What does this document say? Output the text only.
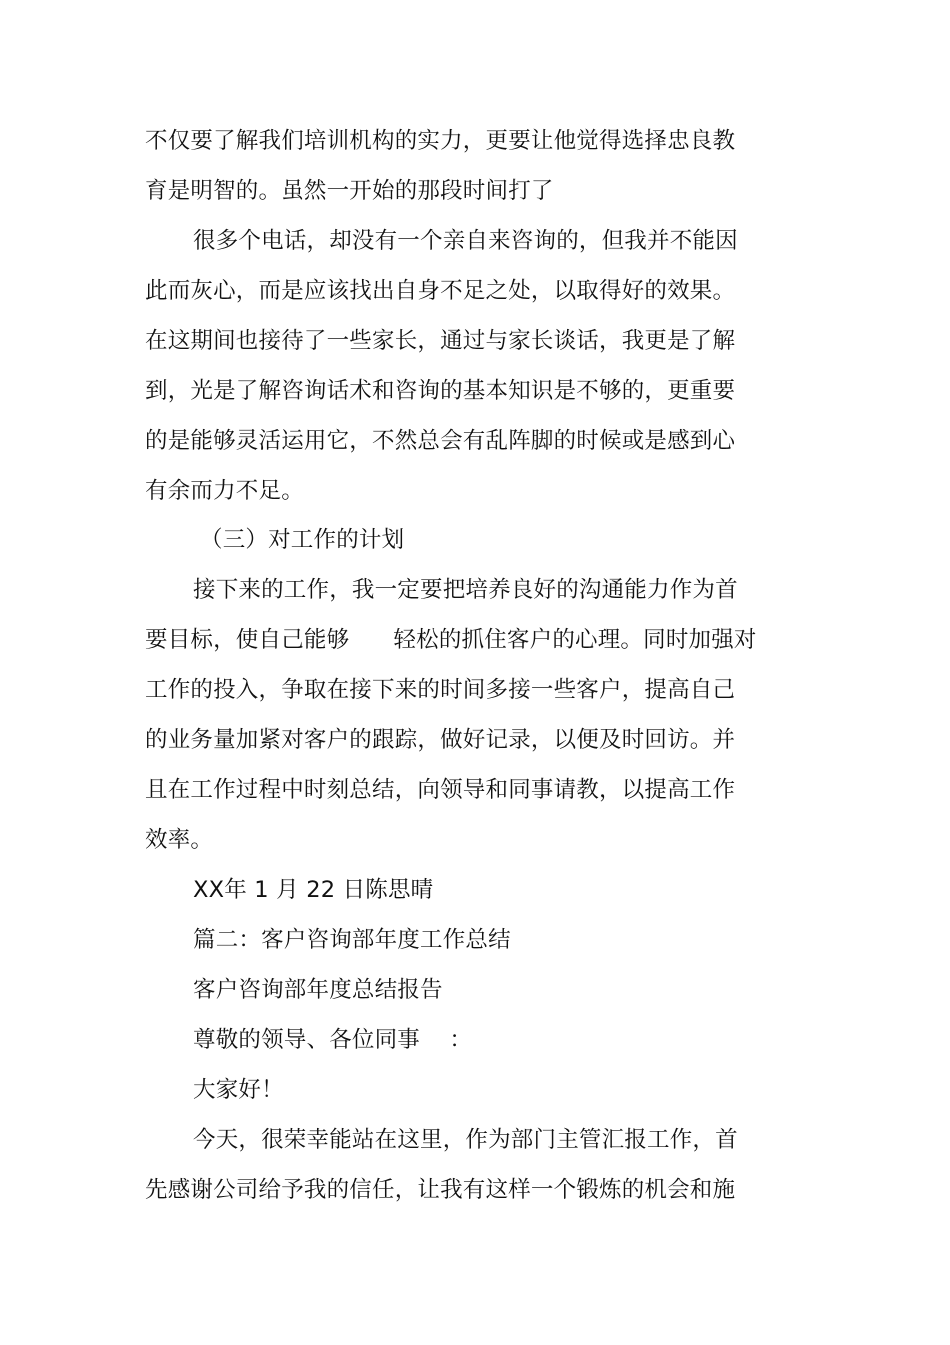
不仅要了解我们培训机构的实力，更要让他觉得选择忠良教
育是明智的。虽然一开始的那段时间打了
很多个电话，却没有一个亲自来咨询的，但我并不能因
此而灰心，而是应该找出自身不足之处，以取得好的效果。
在这期间也接待了一些家长，通过与家长谈话，我更是了解
到，光是了解咨询话术和咨询的基本知识是不够的，更重要
的是能够灵活运用它，不然总会有乱阵脚的时候或是感到心
有余而力不足。
（三）对工作的计划
接下来的工作，我一定要把培养良好的沟通能力作为首
要目标，使自己能够      轻松的抓住客户的心理。同时加强对
工作的投入，争取在接下来的时间多接一些客户，提高自己
的业务量加紧对客户的跟踪，做好记录，以便及时回访。并
且在工作过程中时刻总结，向领导和同事请教，以提高工作
效率。
XX年 1 月 22 日陈思晴
篇二：客户咨询部年度工作总结
客户咨询部年度总结报告
尊敬的领导、各位同事    ：
大家好！
今天，很荣幸能站在这里，作为部门主管汇报工作，首
先感谢公司给予我的信任，让我有这样一个锻炼的机会和施
